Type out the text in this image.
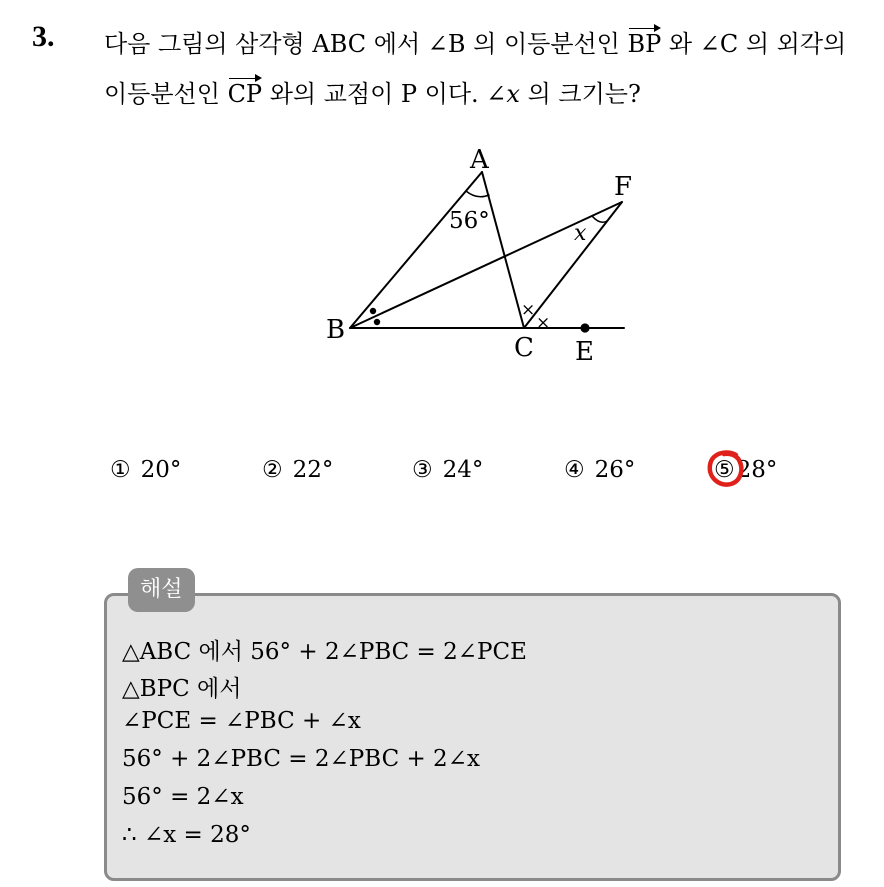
3. 다음 그림의 삼각형 ABC 에서 ∠B 의 이등분선인 BP 와 ∠C 의 외각의
이등분선인 CP 와의 교점이 P 이다. ∠x 의 크기는?
A
B
C E
F
56°	x
×
×
① 20°	② 22°	③ 24°	④ 26°	⑤28°
해설
△ABC 에서 56° + 2∠PBC = 2∠PCE
△BPC 에서
∠PCE = ∠PBC + ∠x
56° + 2∠PBC = 2∠PBC + 2∠x
56° = 2∠x
∴ ∠x = 28°
